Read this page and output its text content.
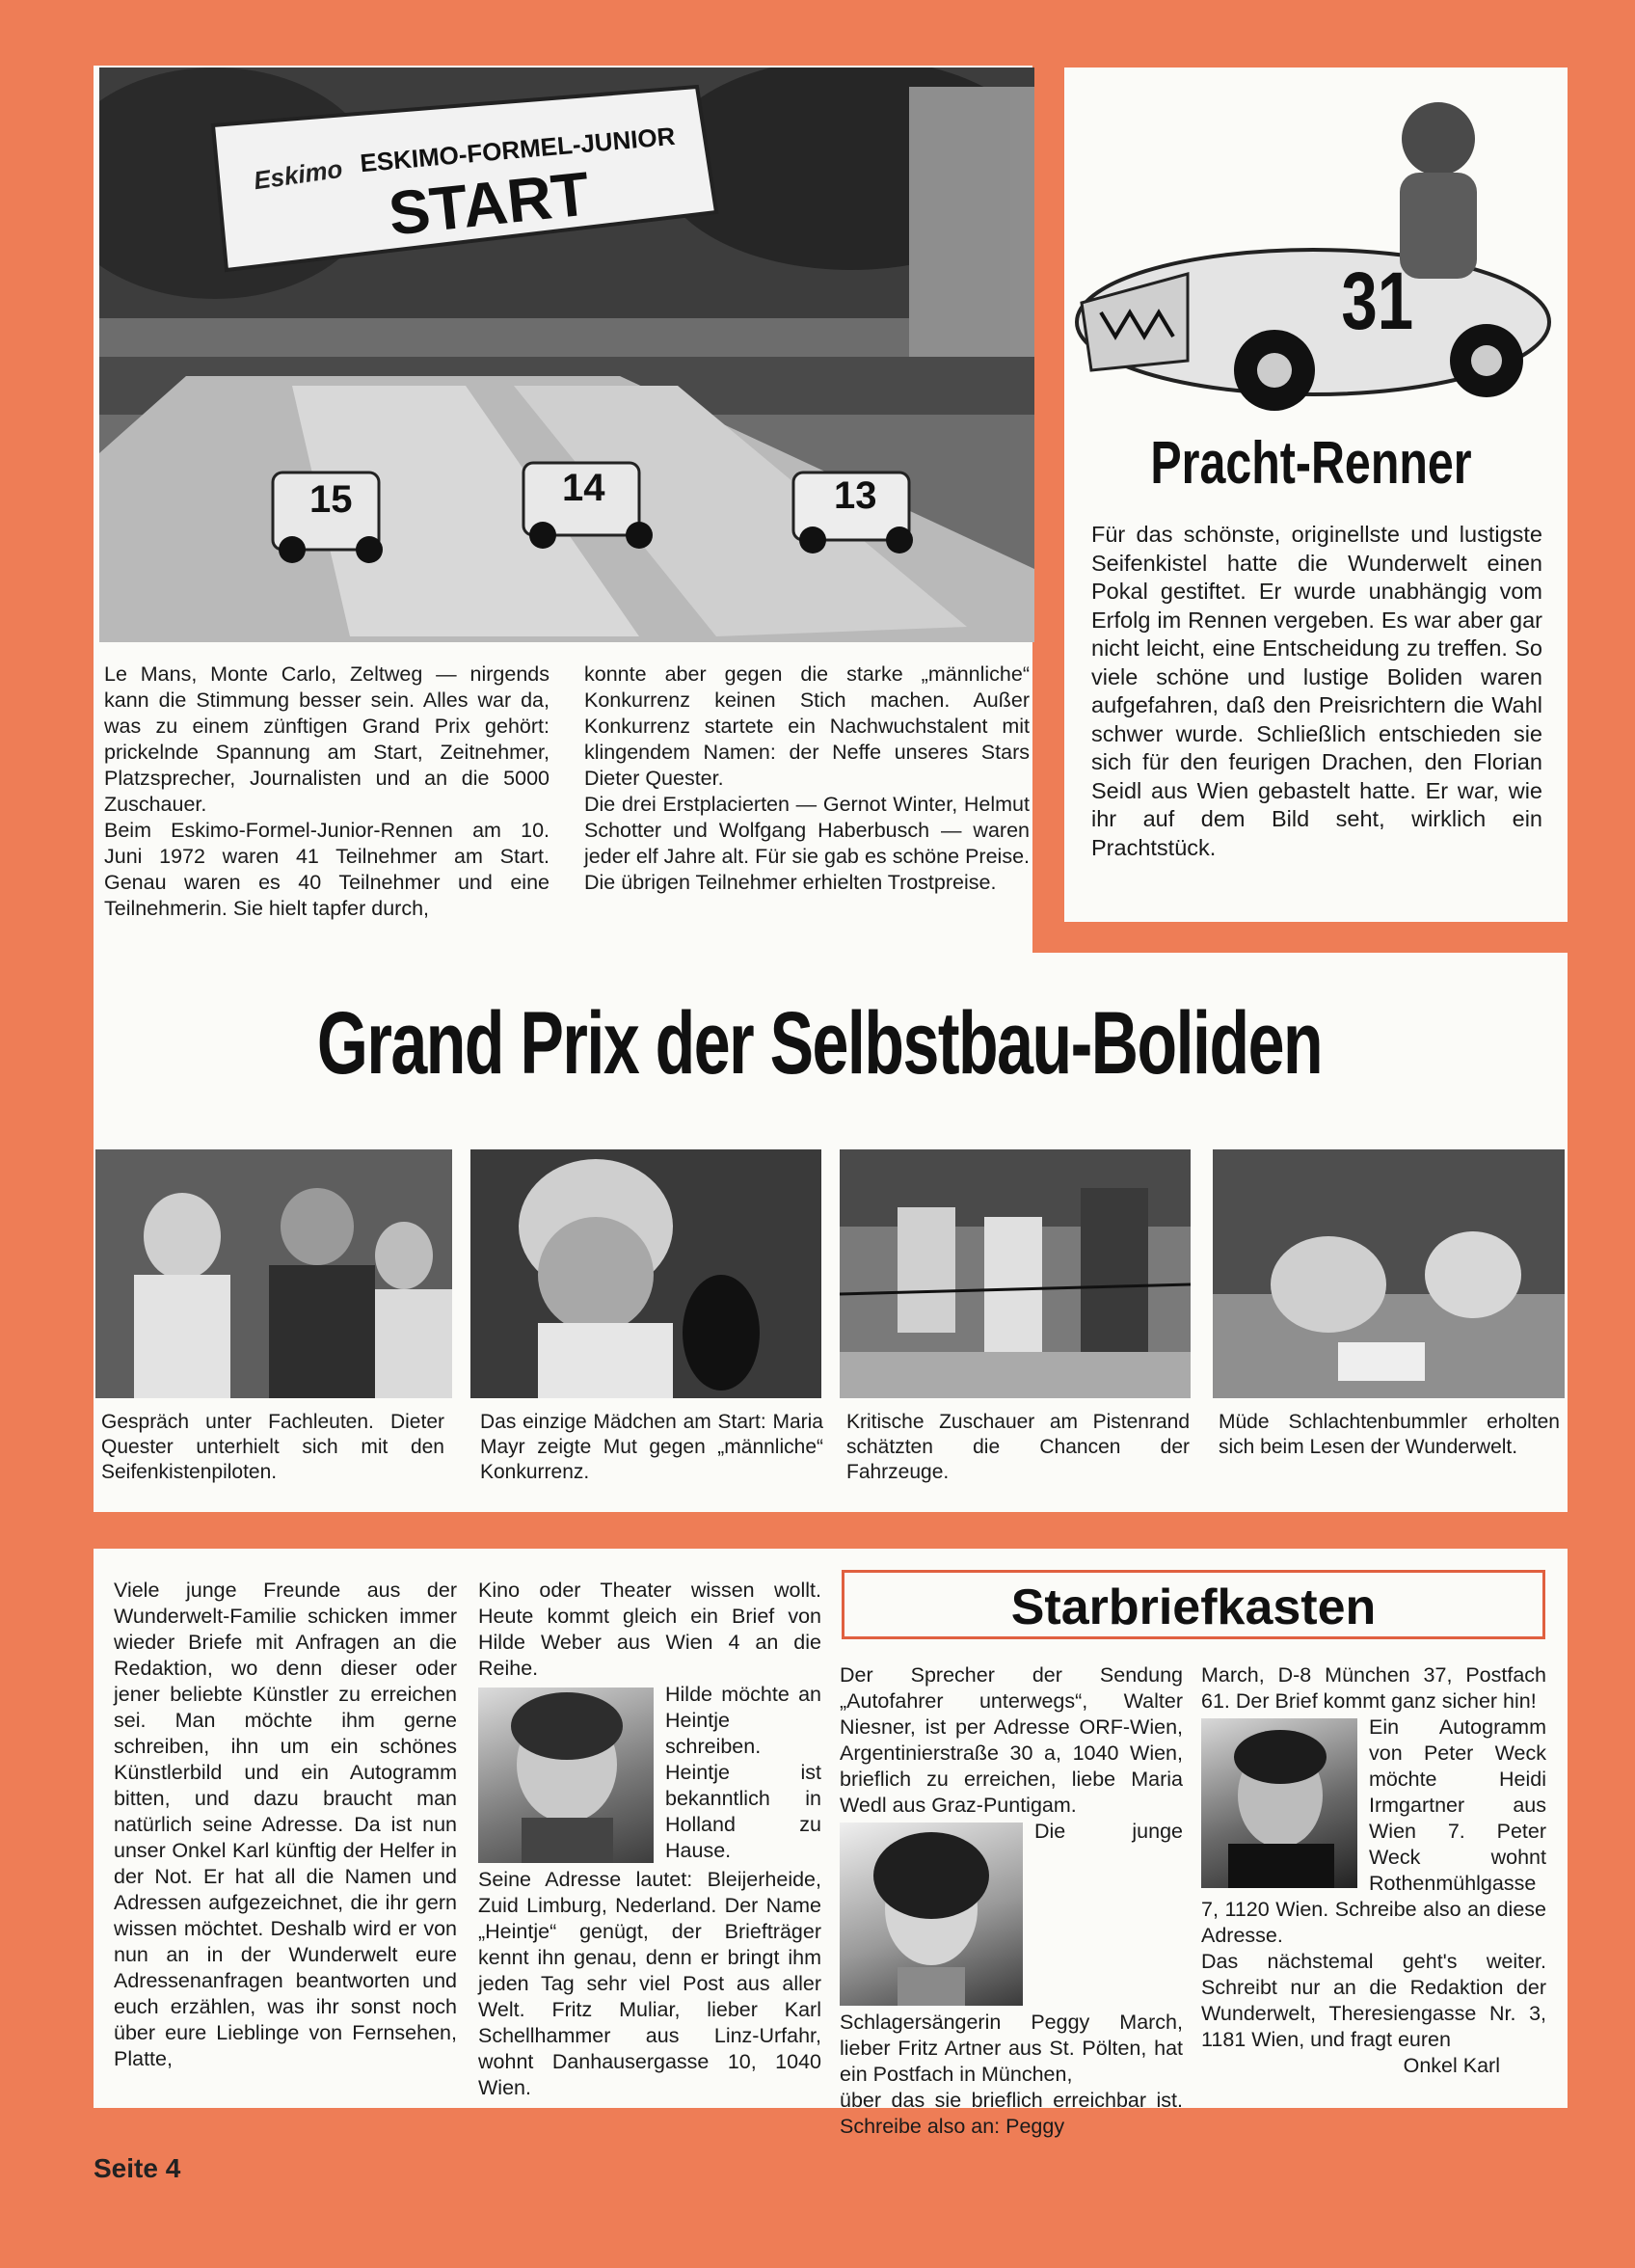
Eskimo ESKIMO-FORMEL-JUNIOR
START
15	14	13

Le Mans, Monte Carlo, Zeltweg — nirgends kann die Stimmung besser sein. Alles war da, was zu einem zünftigen Grand Prix gehört: prickelnde Spannung am Start, Zeitnehmer, Platzsprecher, Journalisten und an die 5000 Zuschauer.

Beim Eskimo-Formel-Junior-Rennen am 10. Juni 1972 waren 41 Teilnehmer am Start. Genau waren es 40 Teilnehmer und eine Teilnehmerin. Sie hielt tapfer durch,

konnte aber gegen die starke „männliche“ Konkurrenz keinen Stich machen. Außer Konkurrenz startete ein Nachwuchstalent mit klingendem Namen: der Neffe unseres Stars Dieter Quester.

Die drei Erstplacierten — Gernot Winter, Helmut Schotter und Wolfgang Haberbusch — waren jeder elf Jahre alt. Für sie gab es schöne Preise. Die übrigen Teilnehmer erhielten Trostpreise.

31
Pracht-Renner
Für das schönste, originellste und lustigste Seifenkistel hatte die Wunderwelt einen Pokal gestiftet. Er wurde unabhängig vom Erfolg im Rennen vergeben. Es war aber gar nicht leicht, eine Entscheidung zu treffen. So viele schöne und lustige Boliden waren aufgefahren, daß den Preisrichtern die Wahl schwer wurde. Schließlich entschieden sie sich für den feurigen Drachen, den Florian Seidl aus Wien gebastelt hatte. Er war, wie ihr auf dem Bild seht, wirklich ein Prachtstück.
Grand Prix der Selbstbau-Boliden
Gespräch unter Fachleuten. Dieter Quester unterhielt sich mit den Seifenkistenpiloten.
Das einzige Mädchen am Start: Maria Mayr zeigte Mut gegen „männliche“ Konkurrenz.
Kritische Zuschauer am Pistenrand schätzten die Chancen der Fahrzeuge.
Müde Schlachtenbummler erholten sich beim Lesen der Wunderwelt.
Viele junge Freunde aus der Wunderwelt-Familie schicken immer wieder Briefe mit Anfragen an die Redaktion, wo denn dieser oder jener beliebte Künstler zu erreichen sei. Man möchte ihm gerne schreiben, ihn um ein schönes Künstlerbild und ein Autogramm bitten, und dazu braucht man natürlich seine Adresse. Da ist nun unser Onkel Karl künftig der Helfer in der Not. Er hat all die Namen und Adressen aufgezeichnet, die ihr gern wissen möchtet. Deshalb wird er von nun an in der Wunderwelt eure Adressenanfragen beantworten und euch erzählen, was ihr sonst noch über eure Lieblinge von Fernsehen, Platte,

Kino oder Theater wissen wollt. Heute kommt gleich ein Brief von Hilde Weber aus Wien 4 an die Reihe.

Hilde möchte an Heintje schreiben. Heintje ist bekanntlich in Holland zu Hause.

Seine Adresse lautet: Bleijerheide, Zuid Limburg, Nederland. Der Name „Heintje“ genügt, der Briefträger kennt ihn genau, denn er bringt ihm jeden Tag sehr viel Post aus aller Welt. Fritz Muliar, lieber Karl Schellhammer aus Linz-Urfahr, wohnt Danhausergasse 10, 1040 Wien.

Starbriefkasten

Der Sprecher der Sendung „Autofahrer unterwegs“, Walter Niesner, ist per Adresse ORF-Wien, Argentinierstraße 30 a, 1040 Wien, brieflich zu erreichen, liebe Maria Wedl aus Graz-Puntigam.

Die junge Schlagersängerin Peggy March, lieber Fritz Artner aus St. Pölten, hat ein Postfach in München,

über das sie brieflich erreichbar ist. Schreibe also an: Peggy

March, D-8 München 37, Postfach 61. Der Brief kommt ganz sicher hin!

Ein Autogramm von Peter Weck möchte Heidi Irmgartner aus Wien 7. Peter Weck wohnt Rothenmühlgasse 7, 1120 Wien. Schreibe also an diese Adresse.

Das nächstemal geht's weiter. Schreibt nur an die Redaktion der Wunderwelt, Theresiengasse Nr. 3, 1181 Wien, und fragt euren

Onkel Karl

Seite 4
